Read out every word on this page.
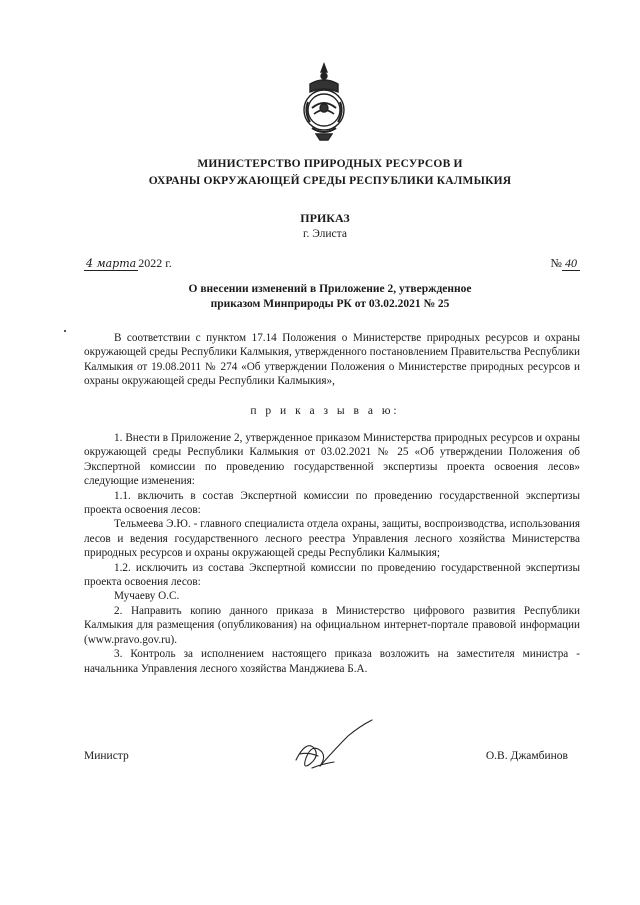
МИНИСТЕРСТВО ПРИРОДНЫХ РЕСУРСОВ И
ОХРАНЫ ОКРУЖАЮЩЕЙ СРЕДЫ РЕСПУБЛИКИ КАЛМЫКИЯ
ПРИКАЗ
г. Элиста
4 марта 2022 г.	№ 40
О внесении изменений в Приложение 2, утвержденное
приказом Минприроды РК от 03.02.2021 № 25

В соответствии с пунктом 17.14 Положения о Министерстве природных ресурсов и охраны окружающей среды Республики Калмыкия, утвержденного постановлением Правительства Республики Калмыкия от 19.08.2011 № 274 «Об утверждении Положения о Министерстве природных ресурсов и охраны окружающей среды Республики Калмыкия»,

п р и к а з ы в а ю:

1. Внести в Приложение 2, утвержденное приказом Министерства природных ресурсов и охраны окружающей среды Республики Калмыкия от 03.02.2021 № 25 «Об утверждении Положения об Экспертной комиссии по проведению государственной экспертизы проекта освоения лесов» следующие изменения:

1.1. включить в состав Экспертной комиссии по проведению государственной экспертизы проекта освоения лесов:

Тельмеева Э.Ю. - главного специалиста отдела охраны, защиты, воспроизводства, использования лесов и ведения государственного лесного реестра Управления лесного хозяйства Министерства природных ресурсов и охраны окружающей среды Республики Калмыкия;

1.2. исключить из состава Экспертной комиссии по проведению государственной экспертизы проекта освоения лесов:

Мучаеву О.С.

2. Направить копию данного приказа в Министерство цифрового развития Республики Калмыкия для размещения (опубликования) на официальном интернет-портале правовой информации (www.pravo.gov.ru).

3. Контроль за исполнением настоящего приказа возложить на заместителя министра - начальника Управления лесного хозяйства Манджиева Б.А.

Министр	О.В. Джамбинов
